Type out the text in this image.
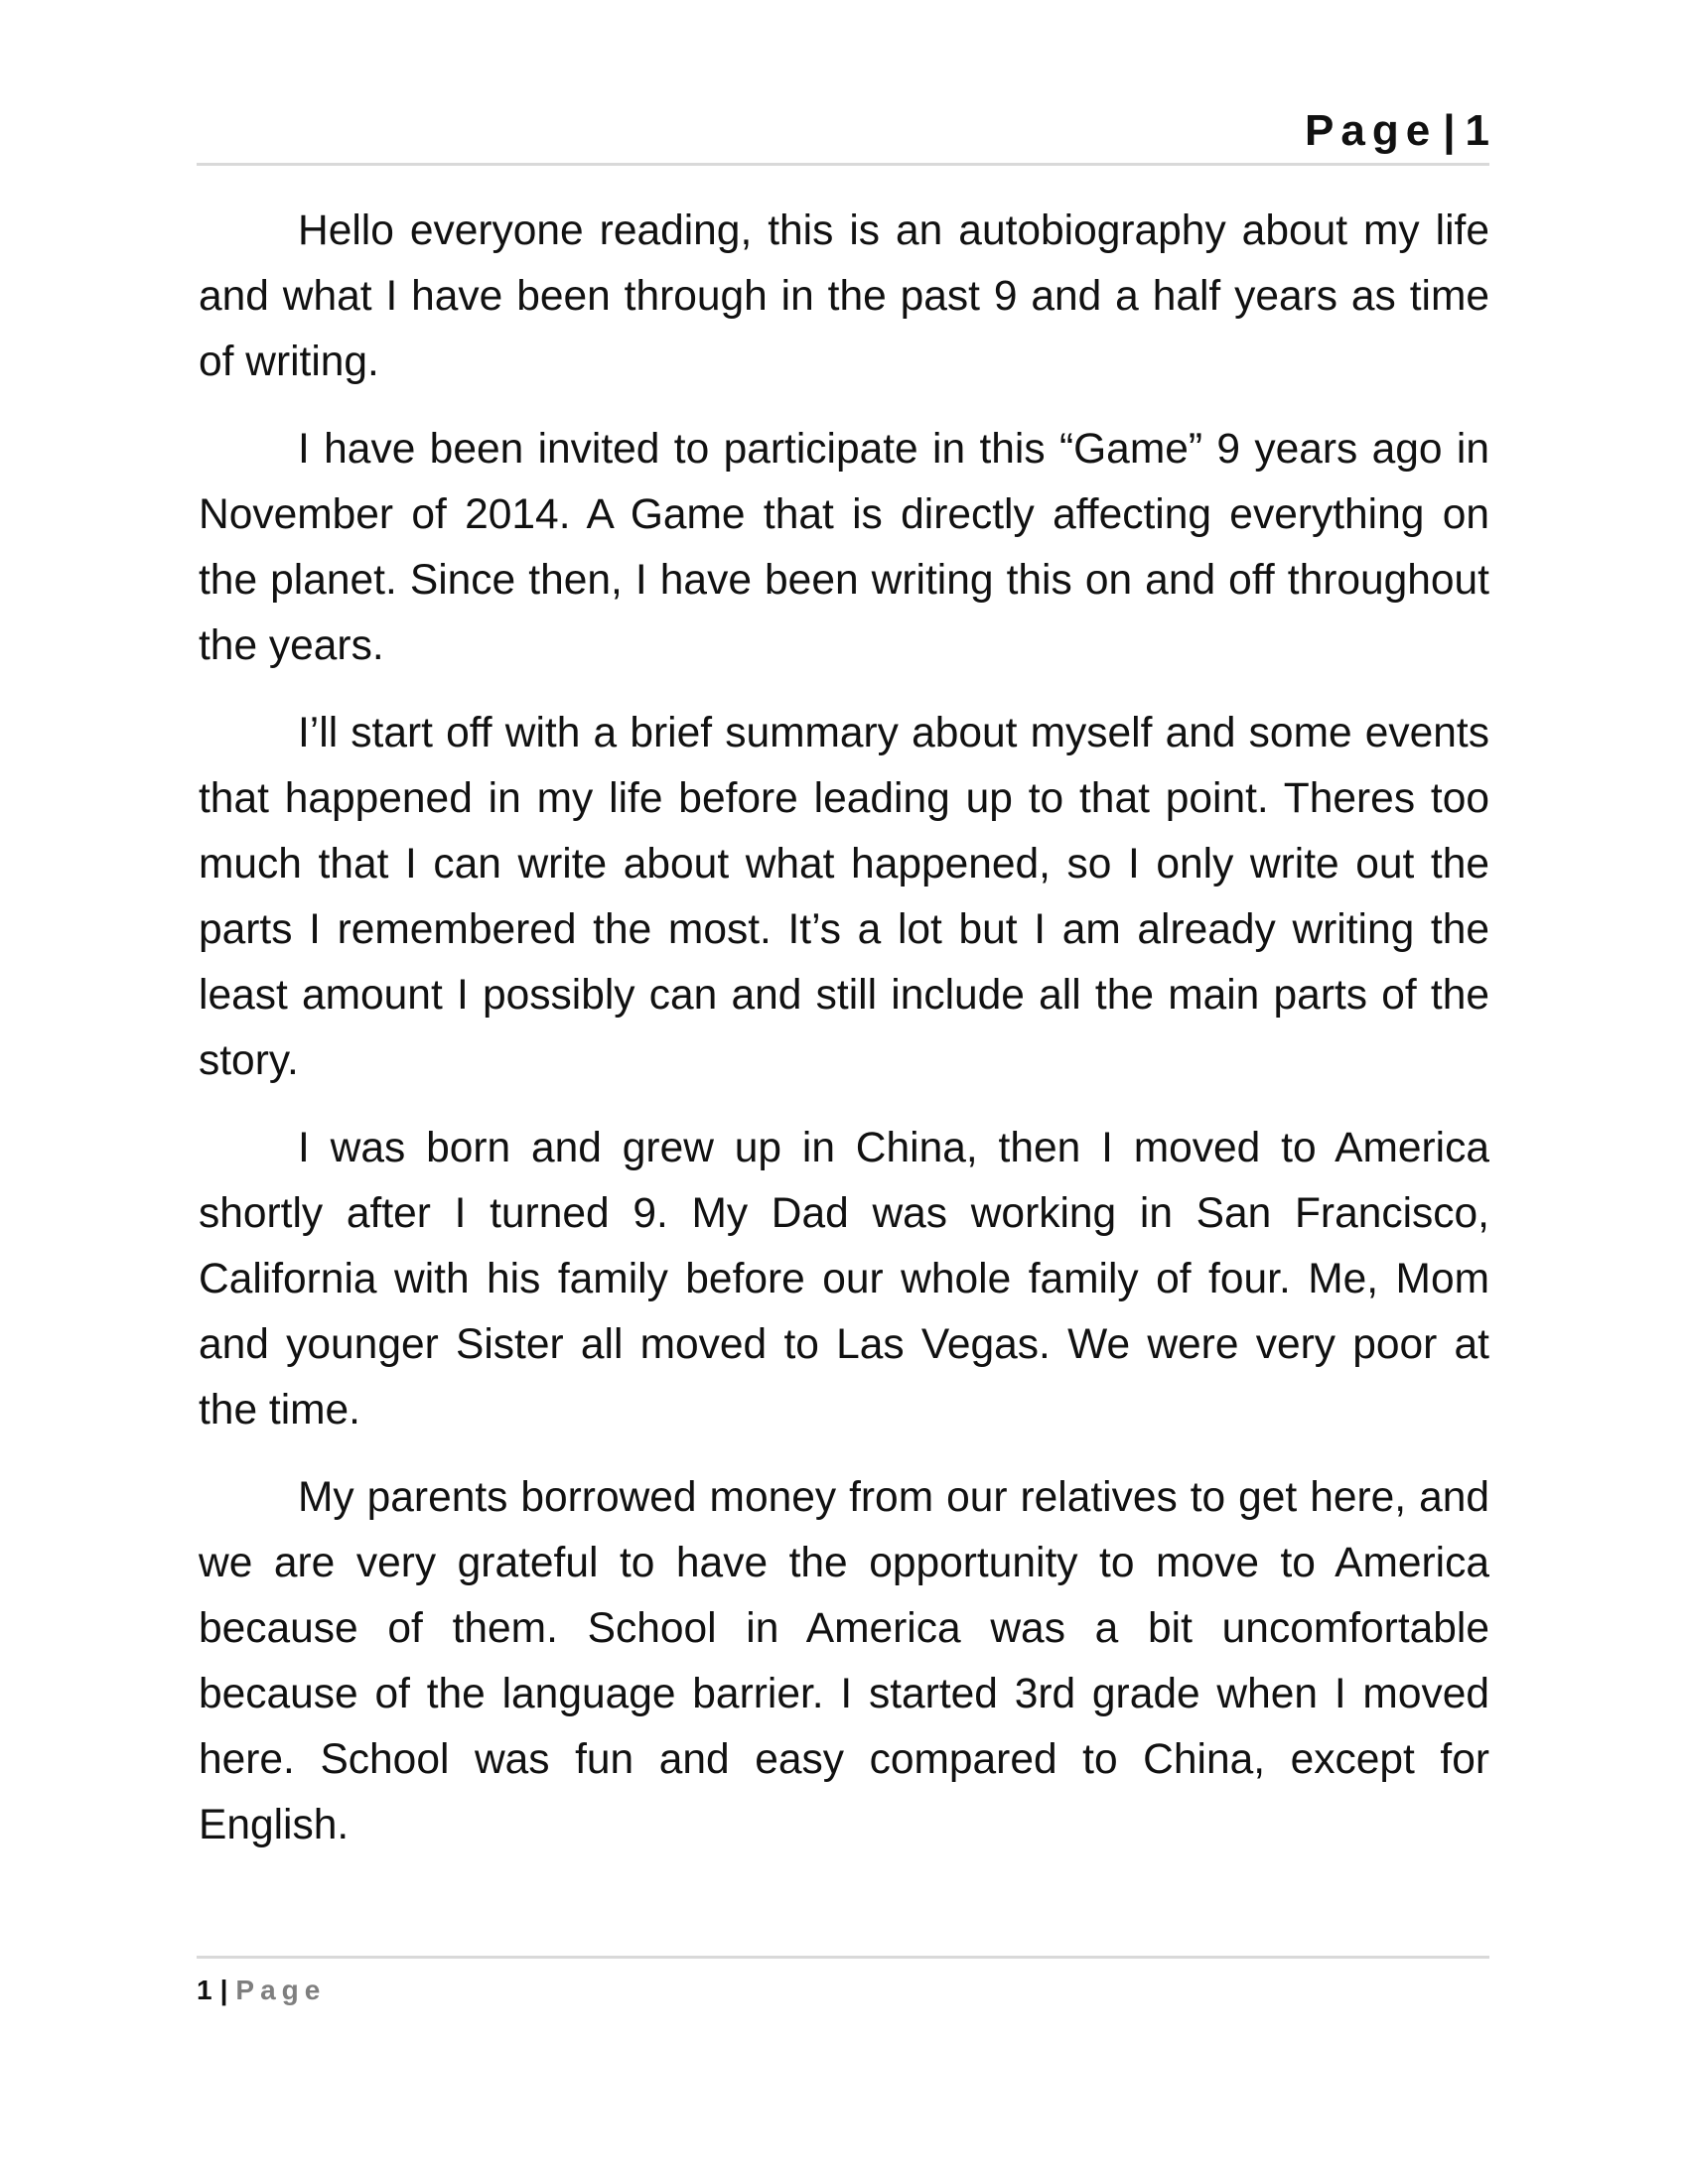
Page | 1

Hello everyone reading, this is an autobiography about my life and what I have been through in the past 9 and a half years as time of writing.

I have been invited to participate in this “Game” 9 years ago in November of 2014. A Game that is directly affecting everything on the planet. Since then, I have been writing this on and off throughout the years.

I’ll start off with a brief summary about myself and some events that happened in my life before leading up to that point. Theres too much that I can write about what happened, so I only write out the parts I remembered the most. It’s a lot but I am already writing the least amount I possibly can and still include all the main parts of the story.

I was born and grew up in China, then I moved to America shortly after I turned 9. My Dad was working in San Francisco, California with his family before our whole family of four. Me, Mom and younger Sister all moved to Las Vegas. We were very poor at the time.

My parents borrowed money from our relatives to get here, and we are very grateful to have the opportunity to move to America because of them. School in America was a bit uncomfortable because of the language barrier. I started 3rd grade when I moved here. School was fun and easy compared to China, except for English.

1 | Page
